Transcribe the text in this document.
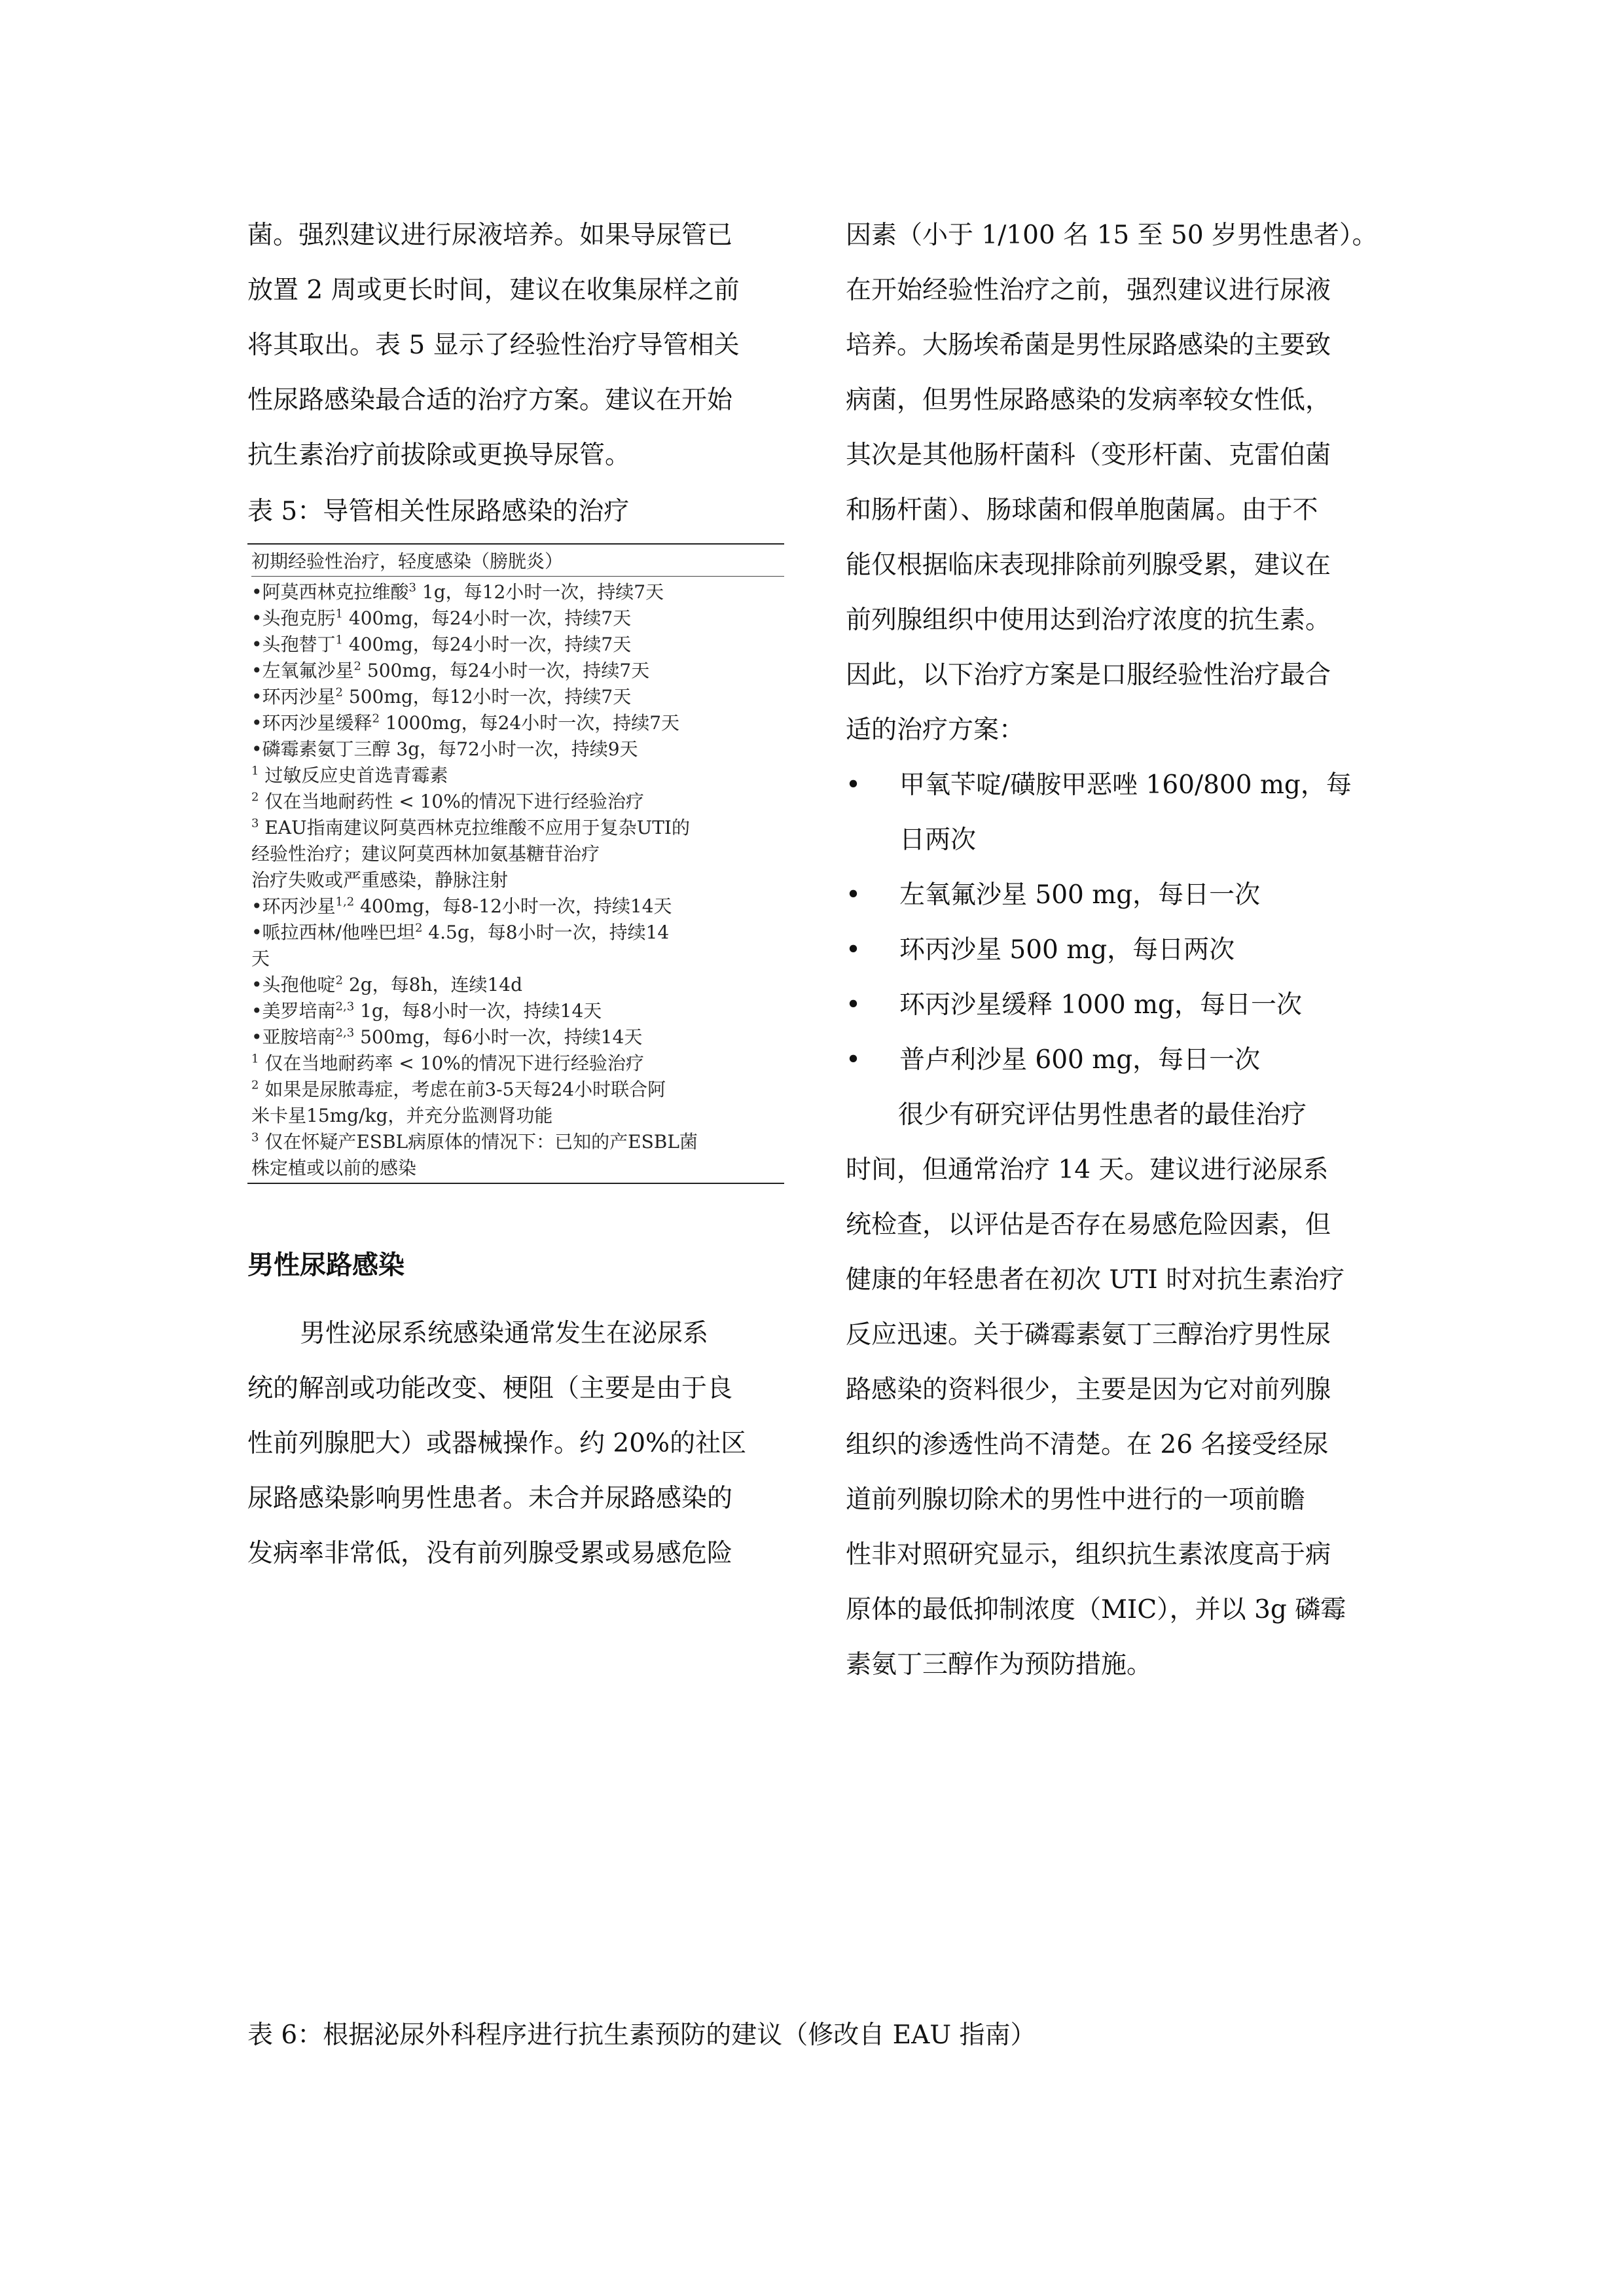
菌。强烈建议进行尿液培养。如果导尿管已
放置 2 周或更长时间，建议在收集尿样之前
将其取出。表 5 显示了经验性治疗导管相关
性尿路感染最合适的治疗方案。建议在开始
抗生素治疗前拔除或更换导尿管。

表 5：导管相关性尿路感染的治疗
初期经验性治疗，轻度感染（膀胱炎）
•阿莫西林克拉维酸$^3$ 1g，每12小时一次，持续7天
•头孢克肟$^1$ 400mg，每24小时一次，持续7天
•头孢替丁$^1$ 400mg，每24小时一次，持续7天
•左氧氟沙星$^2$ 500mg，每24小时一次，持续7天
•环丙沙星$^2$ 500mg，每12小时一次，持续7天
•环丙沙星缓释$^2$ 1000mg，每24小时一次，持续7天
•磷霉素氨丁三醇 3g，每72小时一次，持续9天
$^1$ 过敏反应史首选青霉素
$^2$ 仅在当地耐药性 < 10%的情况下进行经验治疗
$^3$ EAU指南建议阿莫西林克拉维酸不应用于复杂UTI的
经验性治疗；建议阿莫西林加氨基糖苷治疗
治疗失败或严重感染，静脉注射
•环丙沙星$^{1,2}$ 400mg，每8-12小时一次，持续14天
•哌拉西林/他唑巴坦$^2$ 4.5g，每8小时一次，持续14
天
•头孢他啶$^2$ 2g，每8h，连续14d
•美罗培南$^{2,3}$ 1g，每8小时一次，持续14天
•亚胺培南$^{2,3}$ 500mg，每6小时一次，持续14天
$^1$ 仅在当地耐药率 < 10%的情况下进行经验治疗
$^2$ 如果是尿脓毒症，考虑在前3-5天每24小时联合阿
米卡星15mg/kg，并充分监测肾功能
$^3$ 仅在怀疑产ESBL病原体的情况下：已知的产ESBL菌
株定植或以前的感染
男性尿路感染

男性泌尿系统感染通常发生在泌尿系
统的解剖或功能改变、梗阻（主要是由于良
性前列腺肥大）或器械操作。约 20%的社区
尿路感染影响男性患者。未合并尿路感染的
发病率非常低，没有前列腺受累或易感危险

因素（小于 1/100 名 15 至 50 岁男性患者）。
在开始经验性治疗之前，强烈建议进行尿液
培养。大肠埃希菌是男性尿路感染的主要致
病菌，但男性尿路感染的发病率较女性低，
其次是其他肠杆菌科（变形杆菌、克雷伯菌
和肠杆菌）、肠球菌和假单胞菌属。由于不
能仅根据临床表现排除前列腺受累，建议在
前列腺组织中使用达到治疗浓度的抗生素。
因此，以下治疗方案是口服经验性治疗最合
适的治疗方案：

• 甲氧苄啶/磺胺甲恶唑 160/800 mg，每
日两次
• 左氧氟沙星 500 mg，每日一次
• 环丙沙星 500 mg，每日两次
• 环丙沙星缓释 1000 mg，每日一次
• 普卢利沙星 600 mg，每日一次

很少有研究评估男性患者的最佳治疗
时间，但通常治疗 14 天。建议进行泌尿系
统检查，以评估是否存在易感危险因素，但
健康的年轻患者在初次 UTI 时对抗生素治疗
反应迅速。关于磷霉素氨丁三醇治疗男性尿
路感染的资料很少，主要是因为它对前列腺
组织的渗透性尚不清楚。在 26 名接受经尿
道前列腺切除术的男性中进行的一项前瞻
性非对照研究显示，组织抗生素浓度高于病
原体的最低抑制浓度（MIC），并以 3g 磷霉
素氨丁三醇作为预防措施。

表 6：根据泌尿外科程序进行抗生素预防的建议（修改自 EAU 指南）
